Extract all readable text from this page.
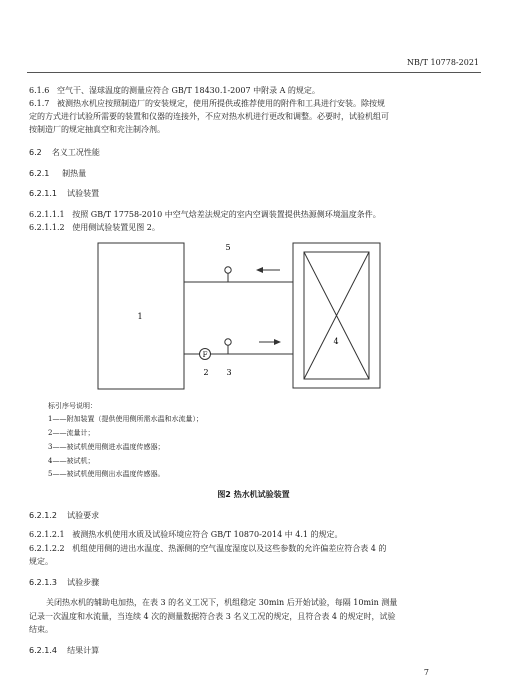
NB/T 10778-2021
6.1.6 空气干、湿球温度的测量应符合 GB/T 18430.1-2007 中附录 A 的规定。
6.1.7 被测热水机应按照制造厂的安装规定，使用所提供或推荐使用的附件和工具进行安装。除按规
定的方式进行试验所需要的装置和仪器的连接外，不应对热水机进行更改和调整。必要时，试验机组可
按制造厂的规定抽真空和充注制冷剂。
6.2 名义工况性能
6.2.1 制热量
6.2.1.1 试验装置
6.2.1.1.1 按照 GB/T 17758-2010 中空气焓差法规定的室内空调装置提供热源侧环境温度条件。
6.2.1.1.2 使用侧试验装置见图 2。
F
1
4
5
2 3
标引序号说明：
1——附加装置（提供使用侧所需水温和水流量）；
2——流量计；
3——被试机使用侧进水温度传感器；
4——被试机；
5——被试机使用侧出水温度传感器。
图2 热水机试验装置
6.2.1.2 试验要求
6.2.1.2.1 被测热水机使用水质及试验环境应符合 GB/T 10870-2014 中 4.1 的规定。
6.2.1.2.2 机组使用侧的进出水温度、热源侧的空气温度湿度以及这些参数的允许偏差应符合表 4 的
规定。
6.2.1.3 试验步骤
关闭热水机的辅助电加热，在表 3 的名义工况下，机组稳定 30min 后开始试验，每隔 10min 测量
记录一次温度和水流量，当连续 4 次的测量数据符合表 3 名义工况的规定，且符合表 4 的规定时，试验
结束。
6.2.1.4 结果计算
7
